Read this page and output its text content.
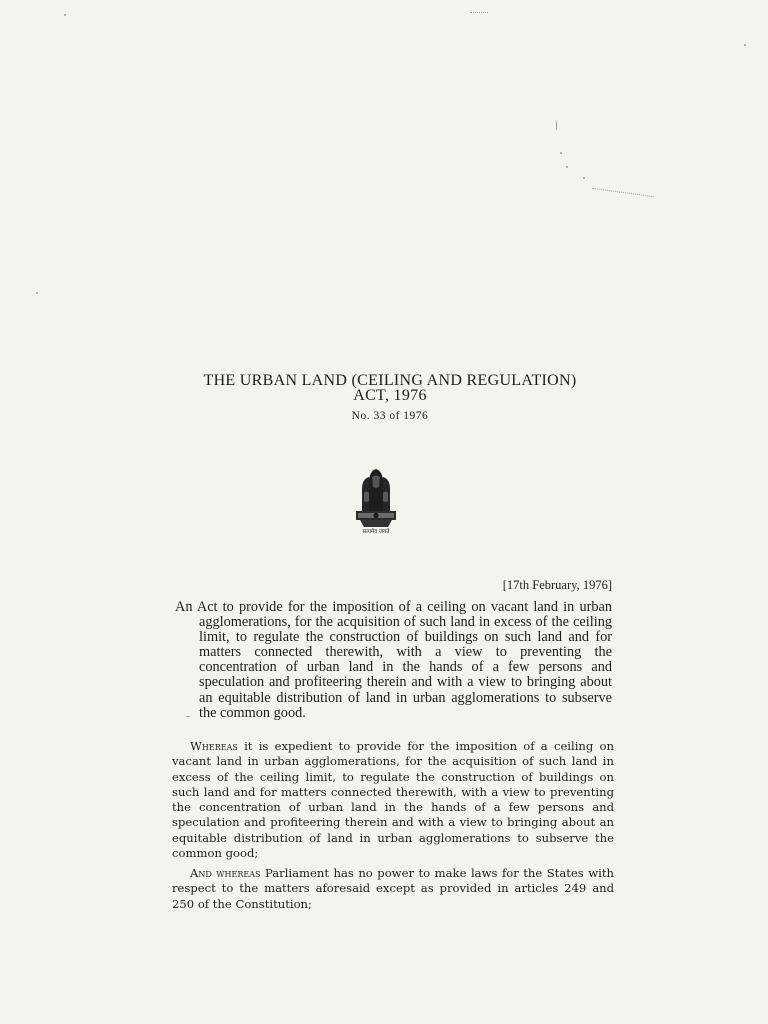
THE URBAN LAND (CEILING AND REGULATION)
ACT, 1976
No. 33 of 1976
सत्यमेव जयते
[17th February, 1976]
An Act to provide for the imposition of a ceiling on vacant land in urban agglomerations, for the acquisition of such land in excess of the ceiling limit, to regulate the construction of buildings on such land and for matters connected therewith, with a view to preventing the concentration of urban land in the hands of a few persons and speculation and profiteering therein and with a view to bringing about an equitable distribution of land in urban agglomerations to subserve the common good.

Whereas it is expedient to provide for the imposition of a ceiling on vacant land in urban agglomerations, for the acquisition of such land in excess of the ceiling limit, to regulate the construction of buildings on such land and for matters connected therewith, with a view to preventing the concentration of urban land in the hands of a few persons and speculation and profiteering therein and with a view to bringing about an equitable distribution of land in urban agglomerations to subserve the common good;

And whereas Parliament has no power to make laws for the States with respect to the matters aforesaid except as provided in articles 249 and 250 of the Constitution;
